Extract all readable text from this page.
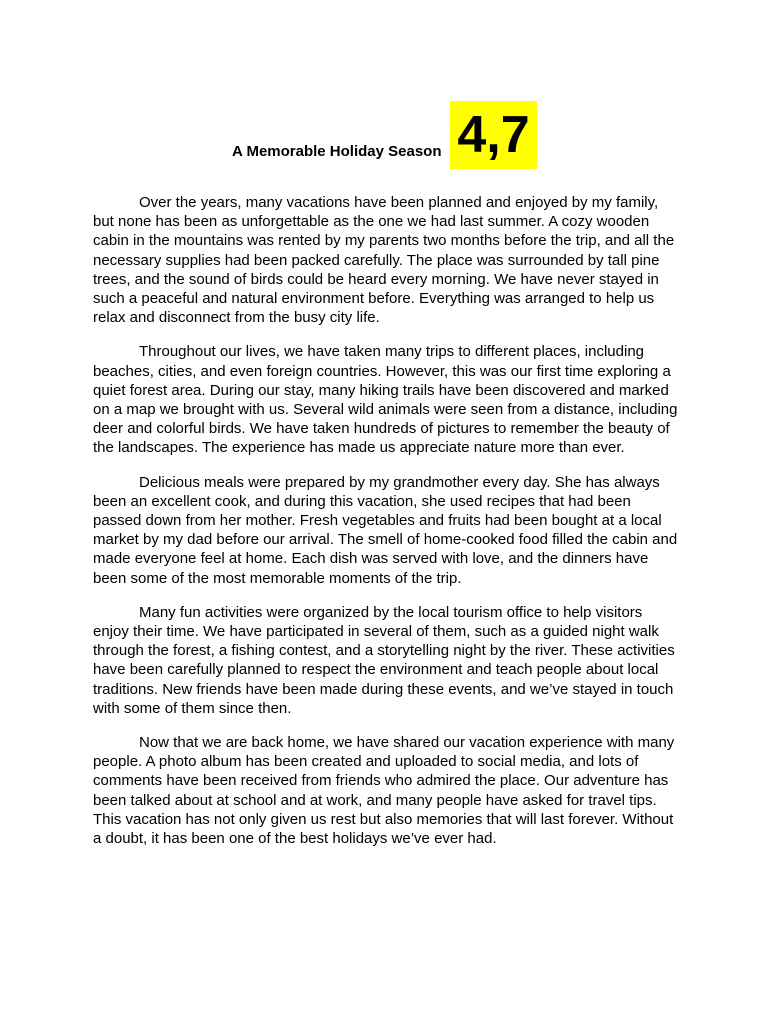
A Memorable Holiday Season 4,7

Over the years, many vacations have been planned and enjoyed by my family, but none has been as unforgettable as the one we had last summer. A cozy wooden cabin in the mountains was rented by my parents two months before the trip, and all the necessary supplies had been packed carefully. The place was surrounded by tall pine trees, and the sound of birds could be heard every morning. We have never stayed in such a peaceful and natural environment before. Everything was arranged to help us relax and disconnect from the busy city life.

Throughout our lives, we have taken many trips to different places, including beaches, cities, and even foreign countries. However, this was our first time exploring a quiet forest area. During our stay, many hiking trails have been discovered and marked on a map we brought with us. Several wild animals were seen from a distance, including deer and colorful birds. We have taken hundreds of pictures to remember the beauty of the landscapes. The experience has made us appreciate nature more than ever.

Delicious meals were prepared by my grandmother every day. She has always been an excellent cook, and during this vacation, she used recipes that had been passed down from her mother. Fresh vegetables and fruits had been bought at a local market by my dad before our arrival. The smell of home-cooked food filled the cabin and made everyone feel at home. Each dish was served with love, and the dinners have been some of the most memorable moments of the trip.

Many fun activities were organized by the local tourism office to help visitors enjoy their time. We have participated in several of them, such as a guided night walk through the forest, a fishing contest, and a storytelling night by the river. These activities have been carefully planned to respect the environment and teach people about local traditions. New friends have been made during these events, and we’ve stayed in touch with some of them since then.

Now that we are back home, we have shared our vacation experience with many people. A photo album has been created and uploaded to social media, and lots of comments have been received from friends who admired the place. Our adventure has been talked about at school and at work, and many people have asked for travel tips. This vacation has not only given us rest but also memories that will last forever. Without a doubt, it has been one of the best holidays we’ve ever had.
